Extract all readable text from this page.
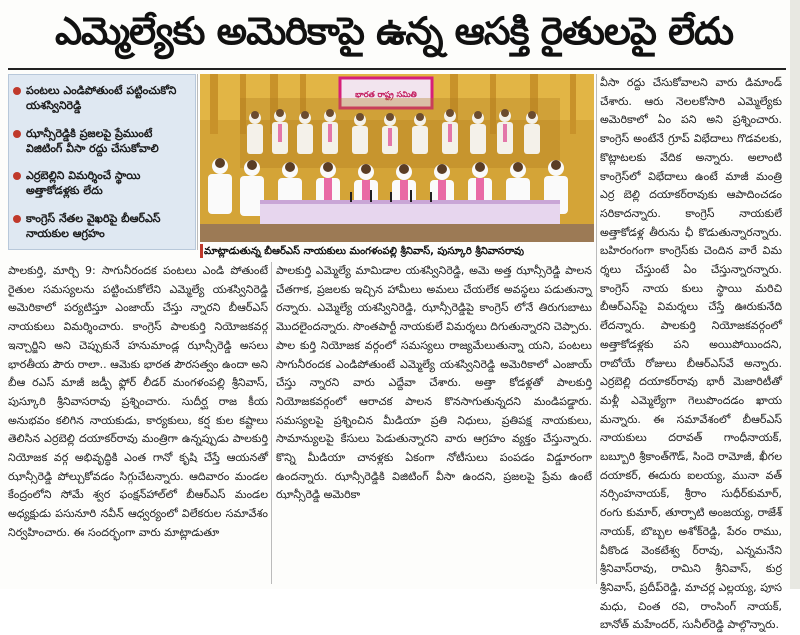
ఎమ్మెల్యేకు అమెరికాపై ఉన్న ఆసక్తి రైతులపై లేదు
పంటలు ఎండిపోతుంటే పట్టించుకోని యశస్వినిరెడ్డి
ఝాన్సీరెడ్డికి ప్రజలపై ప్రేముంటే విజిటింగ్ వీసా రద్దు చేసుకోవాలి
ఎర్రబెల్లిని విమర్శించే స్థాయి అత్తాకోడళ్లకు లేదు
కాంగ్రెస్ నేతల వైఖరిపై బీఆర్ఎస్ నాయకుల ఆగ్రహం
భారత రాష్ట్ర సమితి
మాట్లాడుతున్న బీఆర్ఎస్ నాయకులు మంగళంపల్లి శ్రీనివాస్, పుస్కూరి శ్రీనివాసరావు

పాలకుర్తి, మార్చి 9: సాగునీరందక పంటలు ఎండి పోతుంటే రైతుల సమస్యలను పట్టించుకోలేని ఎమ్మెల్యే యశస్వినిరెడ్డి అమెరికాలో పర్యటిస్తూ ఎంజాయ్ చేస్తు న్నారని బీఆర్ఎస్ నాయకులు విమర్శించారు. కాంగ్రెస్ పాలకుర్తి నియోజకవర్గ ఇన్చార్జిని అని చెప్పుకునే హనుమాండ్ల ఝాన్సీరెడ్డి అసలు భారతీయ పౌరు రాలా.. ఆమెకు భారత పౌరసత్వం ఉందా అని బీఆ రఎస్ మాజీ జడ్పీ ఫ్లోర్ లీడర్ మంగళంపల్లి శ్రీనివాస్, పుస్కూరి శ్రీనివాసరావు ప్రశ్నించారు. సుదీర్ఘ రాజ కీయ అనుభవం కలిగిన నాయకుడు, కార్యకులు, కర్ష కుల కష్టాలు తెలిసిన ఎర్రబెల్లి దయాకర్‌రావు మంత్రిగా ఉన్నప్పుడు పాలకుర్తి నియోజక వర్గ అభివృద్ధికి ఎంత గానో కృషి చేస్తే ఆయనతో ఝాన్సీరెడ్డి పోల్చుకోవడం సిగ్గుచేటన్నారు. ఆదివారం మండల కేంద్రంలోని సోమే శ్వర ఫంక్షన్‌హాల్‌లో బీఆర్ఎస్ మండల అధ్యక్షుడు పసునూరి నవీన్ ఆధ్వర్యంలో విలేకరుల సమావేశం నిర్వహించారు. ఈ సందర్భంగా వారు మాట్లాడుతూ

పాలకుర్తి ఎమ్మెల్యే మామిడాల యశస్వినిరెడ్డి, అమె అత్త ఝాన్సీరెడ్డి పాలన చేతగాక, ప్రజలకు ఇచ్చిన హామీలు అమలు చేయలేక అవస్థలు పడుతున్నా రన్నారు. ఎమ్మెల్యే యశస్వినిరెడ్డి, ఝాన్సీరెడ్డిపై కాంగ్రెస్ లోనే తిరుగుబాటు మొదలైందన్నారు. సొంతపార్టీ నాయకులే విమర్శలు దిగుతున్నారని చెప్పారు. పాల కుర్తి నియోజక వర్గంలో సమస్యలు రాజ్యమేలుతున్నా యని, పంటలు సాగునీరందక ఎండిపోతుంటే ఎమ్మెల్యే యశస్వినిరెడ్డి అమెరికాలో ఎంజాయ్ చేస్తు న్నారని వారు ఎద్దేవా చేశారు. అత్తా కోడళ్లతో పాలకుర్తి నియోజకవర్గంలో ఆరాచక పాలన కొనసాగుతున్నదని మండిపడ్డారు. సమస్యలపై ప్రశ్నించిన మీడియా ప్రతి నిధులు, ప్రతిపక్ష నాయకులు, సామాన్యులపై కేసులు పెడుతున్నారని వారు ఆగ్రహం వ్యక్తం చేస్తున్నారు. కొన్ని మీడియా చానళ్లకు ఏకంగా నోటీసులు పంపడం విడ్డూరంగా ఉందన్నారు. ఝాన్సీరెడ్డికి విజిటింగ్ వీసా ఉందని, ప్రజలపై ప్రేమ ఉంటే ఝాన్సీరెడ్డి అమెరికా

వీసా రద్దు చేసుకోవాలని వారు డిమాండ్ చేశారు. ఆరు నెలలకోసారి ఎమ్మెల్యేకు అమెరికాలో ఏం పని అని ప్రశ్నించారు. కాంగ్రెస్ అంటేనే గ్రూప్ విభేదాలు గొడవలకు, కొట్లాటలకు వేదిక అన్నారు. అలాంటి కాంగ్రెస్‌లో విభేదాలు ఉంటే మాజీ మంత్రి ఎర్ర బెల్లి దయాకర్‌రావుకు ఆపాదించడం సరికాదన్నారు. కాంగ్రెస్ నాయకులే అత్తాకోడళ్ల తీరును ఛీ కొడుతున్నారన్నారు. బహిరంగంగా కాంగ్రెస్‌కు చెందిన వారే విమ ర్శలు చేస్తుంటే ఏం చేస్తున్నారన్నారు. కాంగ్రెస్ నాయ కులు స్థాయి మరిచి బీఆర్ఎస్‌పై విమర్శలు చేస్తే ఊరుకునేది లేదన్నారు. పాలకుర్తి నియోజకవర్గంలో అత్తాకోడళ్లకు పని అయిపోయిందని, రాబోయే రోజులు బీఆర్ఎస్‌వే అన్నారు. ఎర్రబెల్లి దయాకర్‌రావు భారీ మెజారిటీతో మళ్లీ ఎమ్మెల్యేగా గెలుపొందడం ఖాయ మన్నారు. ఈ సమావేశంలో బీఆర్ఎస్ నాయకులు దరావత్ గాంధీనాయక్, బబ్బూరి శ్రీకాంత్‌గౌడ్, సిందె రామోజీ, ఖీగల దయాకర్, ఈదురు ఐలయ్య, మునా వత్ నర్సింహనాయక్, శ్రీరాం సుధీర్‌కుమార్, రంగు కుమార్, తూర్పాటి అంజయ్య, రాజేశ్ నాయక్, బొబ్బల అశోక్‌రెడ్డి, పేరం రాము, వీకొండ వెంకటేశ్వ ర్‌రావు, ఎన్నమనేని శ్రీనివాస్‌రావు, రామిని శ్రీనివాస్, కుర్ర శ్రీనివాస్, ప్రదీప్‌రెడ్డి, మాచర్ల ఎల్లయ్య, పూస మధు, చింత రవి, రాంసింగ్ నాయక్, బానోత్ మహేందర్, సునీల్‌రెడ్డి పాల్గొన్నారు.
